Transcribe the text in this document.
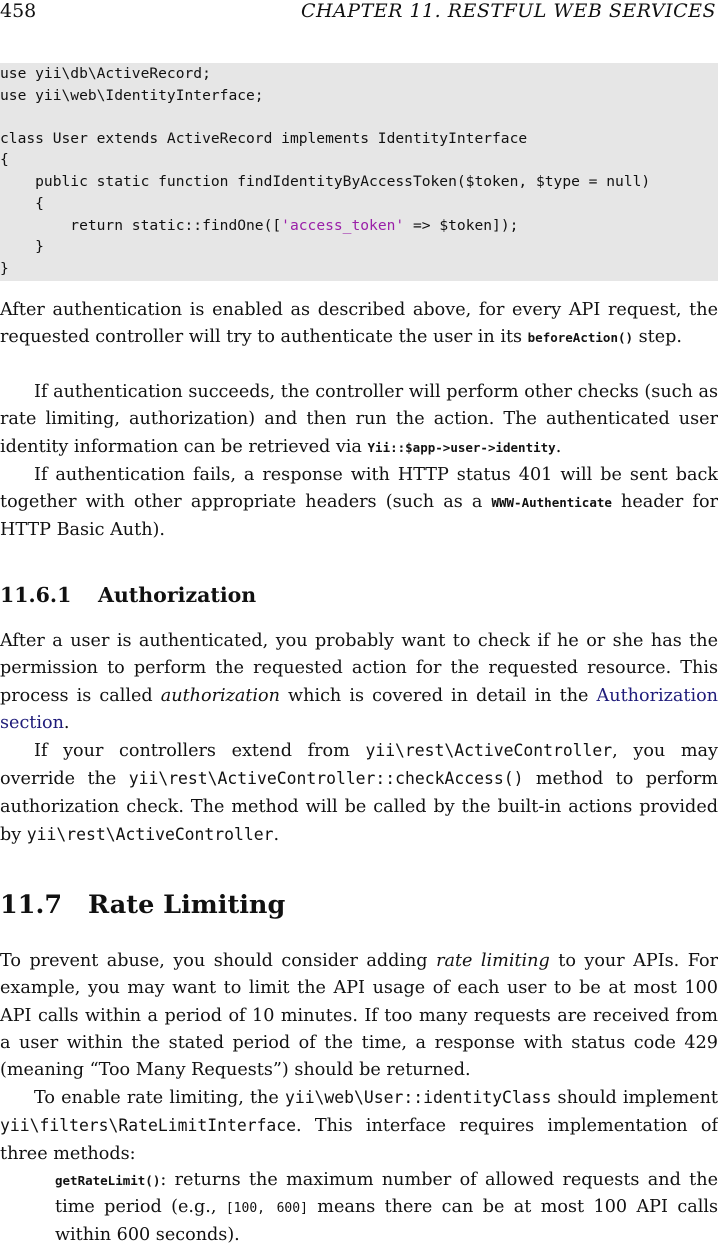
458	CHAPTER 11. RESTFUL WEB SERVICES
use yii\db\ActiveRecord;
use yii\web\IdentityInterface;
class User extends ActiveRecord implements IdentityInterface
{
public static function findIdentityByAccessToken($token, $type = null)
{
return static::findOne(['access_token' => $token]);
}
}

After authentication is enabled as described above, for every API request, the requested controller will try to authenticate the user in its beforeAction() step.

If authentication succeeds, the controller will perform other checks (such as rate limiting, authorization) and then run the action. The authenticated user identity information can be retrieved via Yii::$app->user->identity.

If authentication fails, a response with HTTP status 401 will be sent back together with other appropriate headers (such as a WWW-Authenticate header for HTTP Basic Auth).

11.6.1 Authorization

After a user is authenticated, you probably want to check if he or she has the permission to perform the requested action for the requested resource. This process is called authorization which is covered in detail in the Authorization section.

If your controllers extend from yii\rest\ActiveController, you may override the yii\rest\ActiveController::checkAccess() method to perform authorization check. The method will be called by the built-in actions provided by yii\rest\ActiveController.

11.7 Rate Limiting

To prevent abuse, you should consider adding rate limiting to your APIs. For example, you may want to limit the API usage of each user to be at most 100 API calls within a period of 10 minutes. If too many requests are received from a user within the stated period of the time, a response with status code 429 (meaning “Too Many Requests”) should be returned.

To enable rate limiting, the yii\web\User::identityClass should implement yii\filters\RateLimitInterface. This interface requires implementation of three methods:

getRateLimit(): returns the maximum number of allowed requests and the time period (e.g., [100, 600] means there can be at most 100 API calls within 600 seconds).
